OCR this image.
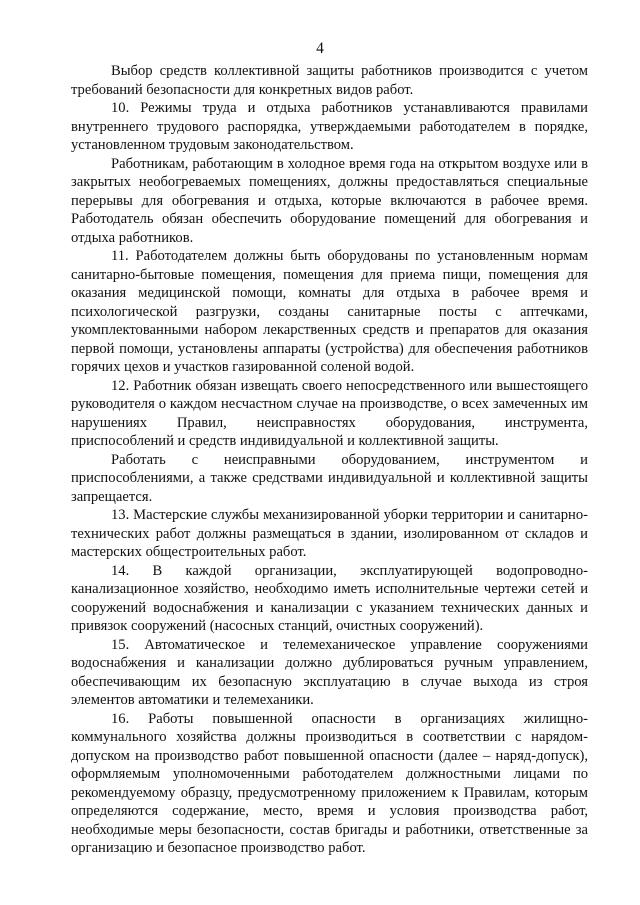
4

Выбор средств коллективной защиты работников производится с учетом требований безопасности для конкретных видов работ.

10. Режимы труда и отдыха работников устанавливаются правилами внутреннего трудового распорядка, утверждаемыми работодателем в порядке, установленном трудовым законодательством.

Работникам, работающим в холодное время года на открытом воздухе или в закрытых необогреваемых помещениях, должны предоставляться специальные перерывы для обогревания и отдыха, которые включаются в рабочее время. Работодатель обязан обеспечить оборудование помещений для обогревания и отдыха работников.

11. Работодателем должны быть оборудованы по установленным нормам санитарно-бытовые помещения, помещения для приема пищи, помещения для оказания медицинской помощи, комнаты для отдыха в рабочее время и психологической разгрузки, созданы санитарные посты с аптечками, укомплектованными набором лекарственных средств и препаратов для оказания первой помощи, установлены аппараты (устройства) для обеспечения работников горячих цехов и участков газированной соленой водой.

12. Работник обязан извещать своего непосредственного или вышестоящего руководителя о каждом несчастном случае на производстве, о всех замеченных им нарушениях Правил, неисправностях оборудования, инструмента, приспособлений и средств индивидуальной и коллективной защиты.

Работать с неисправными оборудованием, инструментом и приспособлениями, а также средствами индивидуальной и коллективной защиты запрещается.

13. Мастерские службы механизированной уборки территории и санитарно-технических работ должны размещаться в здании, изолированном от складов и мастерских общестроительных работ.

14. В каждой организации, эксплуатирующей водопроводно-канализационное хозяйство, необходимо иметь исполнительные чертежи сетей и сооружений водоснабжения и канализации с указанием технических данных и привязок сооружений (насосных станций, очистных сооружений).

15. Автоматическое и телемеханическое управление сооружениями водоснабжения и канализации должно дублироваться ручным управлением, обеспечивающим их безопасную эксплуатацию в случае выхода из строя элементов автоматики и телемеханики.

16. Работы повышенной опасности в организациях жилищно-коммунального хозяйства должны производиться в соответствии с нарядом-допуском на производство работ повышенной опасности (далее – наряд-допуск), оформляемым уполномоченными работодателем должностными лицами по рекомендуемому образцу, предусмотренному приложением к Правилам, которым определяются содержание, место, время и условия производства работ, необходимые меры безопасности, состав бригады и работники, ответственные за организацию и безопасное производство работ.
